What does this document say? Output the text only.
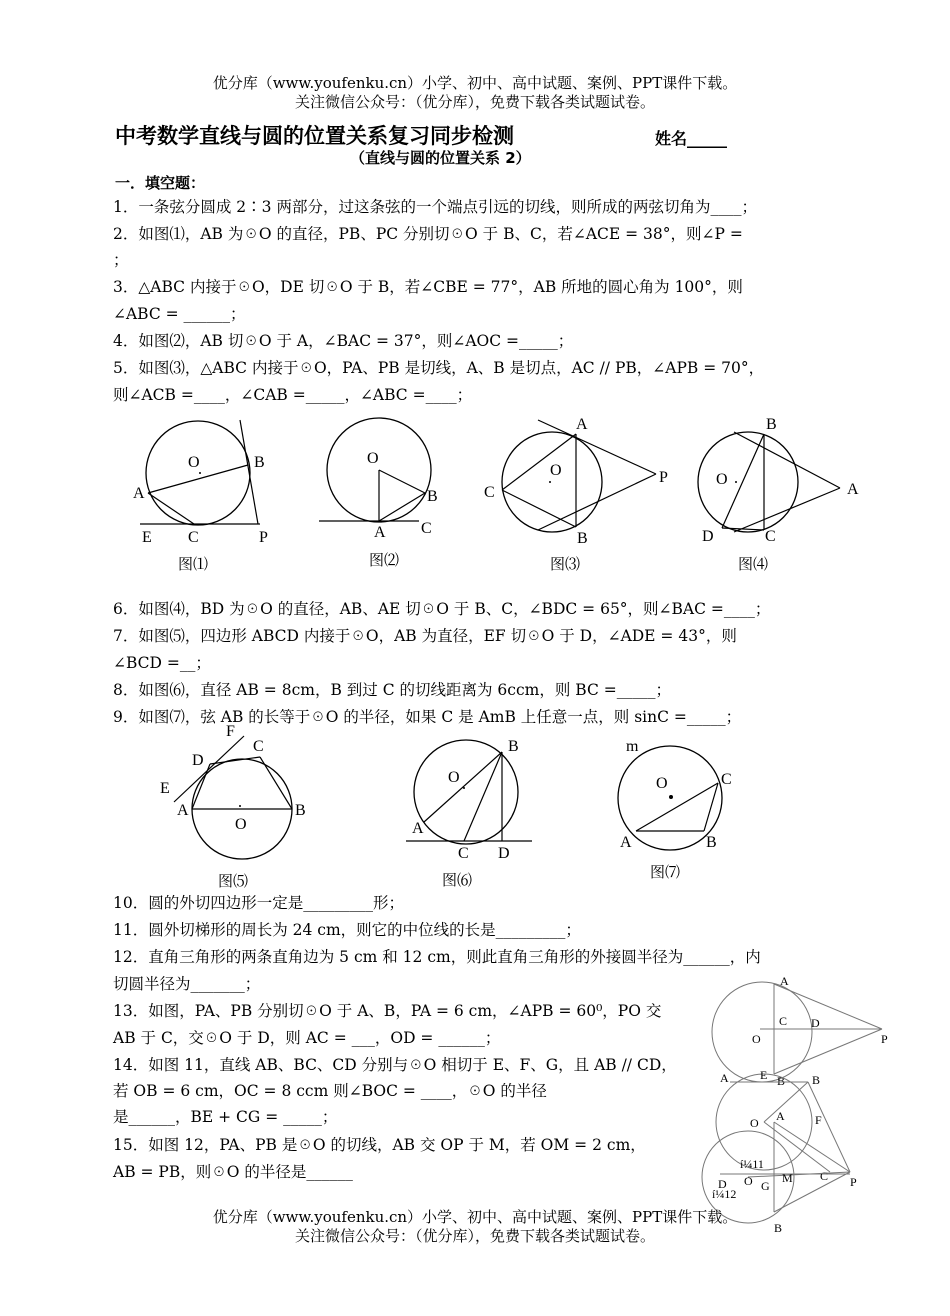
优分库（www.youfenku.cn）小学、初中、高中试题、案例、PPT课件下载。
关注微信公众号：（优分库），免费下载各类试题试卷。
中考数学直线与圆的位置关系复习同步检测	姓名_____
（直线与圆的位置关系 2）
一．填空题：
1．一条弦分圆成 2∶3 两部分，过这条弦的一个端点引远的切线，则所成的两弦切角为____；
2．如图⑴，AB 为☉O 的直径，PB、PC 分别切☉O 于 B、C，若∠ACE = 38°，则∠P =
；
3．△ABC 内接于☉O，DE 切☉O 于 B，若∠CBE = 77°，AB 所地的圆心角为 100°，则
∠ABC = ______；
4．如图⑵，AB 切☉O 于 A，∠BAC = 37°，则∠AOC =_____；
5．如图⑶，△ABC 内接于☉O，PA、PB 是切线，A、B 是切点，AC // PB，∠APB = 70°，
则∠ACB =____，∠CAB =_____，∠ABC =____；
O	B
A
E C	P
图⑴
O
B
A C
图⑵
A
O
C
P
B
图⑶
B
O
A
D	C
图⑷
6．如图⑷，BD 为☉O 的直径，AB、AE 切☉O 于 B、C，∠BDC = 65°，则∠BAC =____；
7．如图⑸，四边形 ABCD 内接于☉O，AB 为直径，EF 切☉O 于 D，∠ADE = 43°，则
∠BCD =__；
8．如图⑹，直径 AB = 8cm，B 到过 C 的切线距离为 6ccm，则 BC =_____；
9．如图⑺，弦 AB 的长等于☉O 的半径，如果 C 是 AmB 上任意一点，则 sinC =_____；
F
C
D
E
A
O
B
图⑸
B
O
A
C D
图⑹
m
O	C
A	B
图⑺
10．圆的外切四边形一定是_________形；
11．圆外切梯形的周长为 24 cm，则它的中位线的长是_________；
12．直角三角形的两条直角边为 5 cm 和 12 cm，则此直角三角形的外接圆半径为______，内
切圆半径为_______；
13．如图，PA、PB 分别切☉O 于 A、B，PA = 6 cm，∠APB = 60⁰，PO 交
AB 于 C，交☉O 于 D，则 AC = ___，OD = ______；
14．如图 11，直线 AB、BC、CD 分别与☉O 相切于 E、F、G，且 AB // CD，
若 OB = 6 cm，OC = 8 ccm 则∠BOC = ____，☉O 的半径
是______，BE + CG = _____；
15．如图 12，PA、PB 是☉O 的切线，AB 交 OP 于 M，若 OM = 2 cm，
AB = PB，则☉O 的半径是______
A
C D
O	P
B
A	E	B
O	F
D	G
C
í¼11
A
O M	P
B
í¼12
优分库（www.youfenku.cn）小学、初中、高中试题、案例、PPT课件下载。
关注微信公众号：（优分库），免费下载各类试题试卷。
